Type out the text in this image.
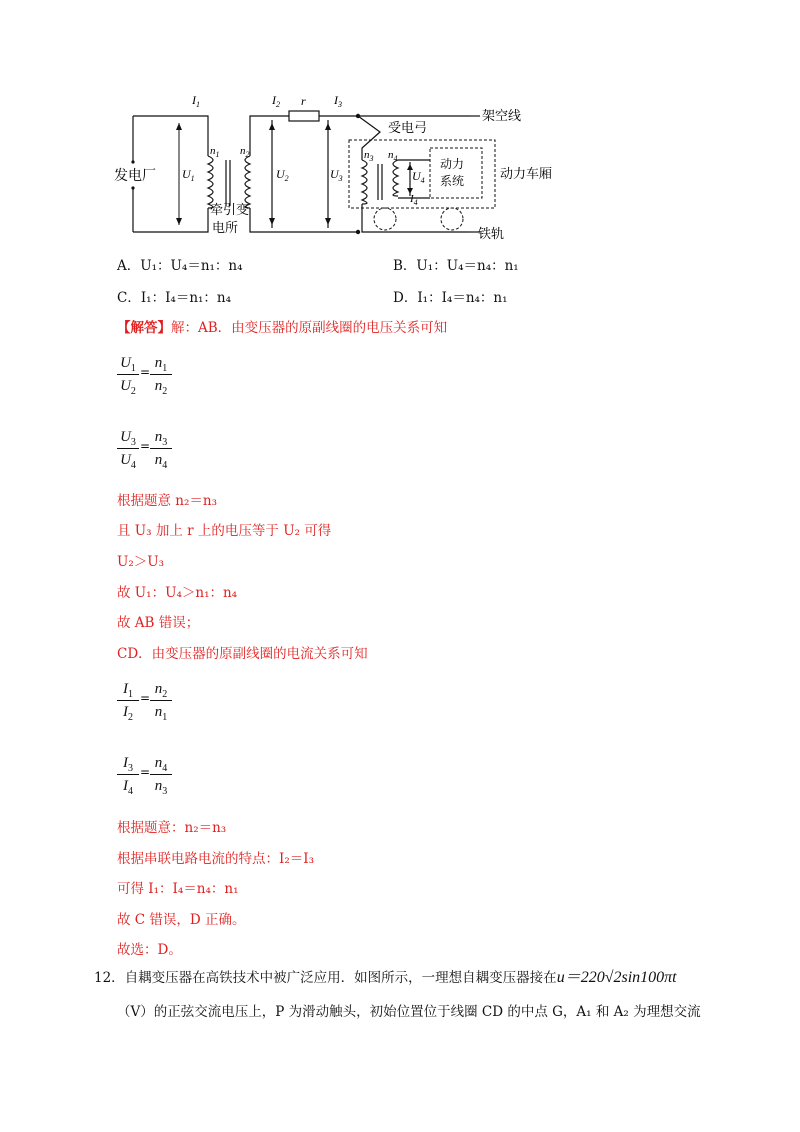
$I_1$	$I_2$ r $I_3$
架空线
受电弓
发电厂 $U_1$
$n_1$ $n_2$
$U_2$	$U_3$
$n_3$ $n_4$
$U_4$
动力
系统	动力车厢
$I_4$
牵引变
电所	铁轨
A．U₁：U₄＝n₁：n₄	B．U₁：U₄＝n₄：n₁
C．I₁：I₄＝n₁：n₄	D．I₁：I₄＝n₄：n₁
【解答】解：AB．由变压器的原副线圈的电压关系可知
$U_1$
$U_2$
=
$n_1$
$n_2$
$U_3$
$U_4$
=
$n_3$
$n_4$
根据题意 n₂＝n₃
且 U₃ 加上 r 上的电压等于 U₂ 可得
U₂＞U₃
故 U₁：U₄＞n₁：n₄
故 AB 错误；
CD．由变压器的原副线圈的电流关系可知
$I_1$
$I_2$
=
$n_2$
$n_1$
$I_3$
$I_4$
=
$n_4$
$n_3$
根据题意：n₂＝n₃
根据串联电路电流的特点：I₂＝I₃
可得 I₁：I₄＝n₄：n₁
故 C 错误，D 正确。
故选：D。
12．自耦变压器在高铁技术中被广泛应用．如图所示，一理想自耦变压器接在u＝220√2sin100πt
（V）的正弦交流电压上，P 为滑动触头，初始位置位于线圈 CD 的中点 G，A₁ 和 A₂ 为理想交流
